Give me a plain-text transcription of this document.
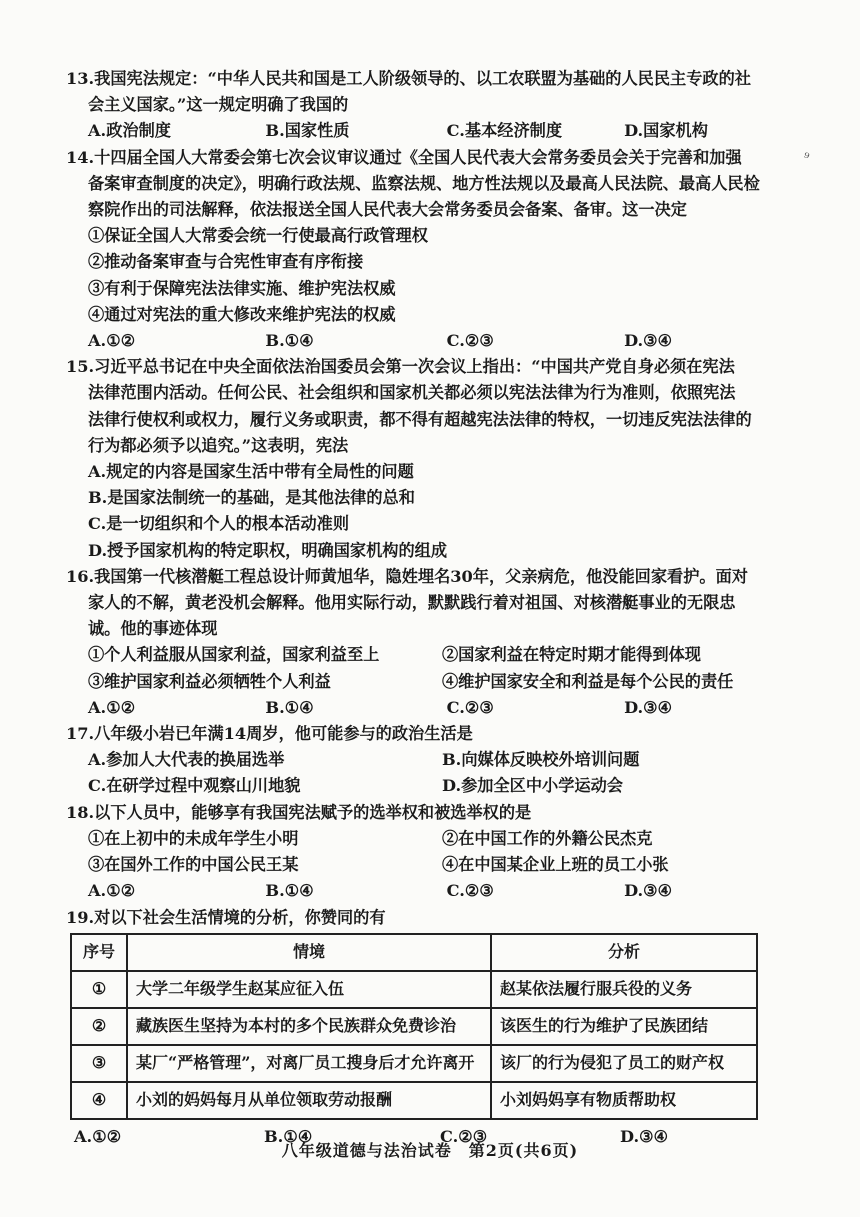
13.我国宪法规定：“中华人民共和国是工人阶级领导的、以工农联盟为基础的人民民主专政的社
会主义国家。”这一规定明确了我国的
A.政治制度	B.国家性质	C.基本经济制度	D.国家机构
14.十四届全国人大常委会第七次会议审议通过《全国人民代表大会常务委员会关于完善和加强
备案审查制度的决定》，明确行政法规、监察法规、地方性法规以及最高人民法院、最高人民检
察院作出的司法解释，依法报送全国人民代表大会常务委员会备案、备审。这一决定
①保证全国人大常委会统一行使最高行政管理权
②推动备案审查与合宪性审查有序衔接
③有利于保障宪法法律实施、维护宪法权威
④通过对宪法的重大修改来维护宪法的权威
A.①②	B.①④	C.②③	D.③④
15.习近平总书记在中央全面依法治国委员会第一次会议上指出：“中国共产党自身必须在宪法
法律范围内活动。任何公民、社会组织和国家机关都必须以宪法法律为行为准则，依照宪法
法律行使权利或权力，履行义务或职责，都不得有超越宪法法律的特权，一切违反宪法法律的
行为都必须予以追究。”这表明，宪法
A.规定的内容是国家生活中带有全局性的问题
B.是国家法制统一的基础，是其他法律的总和
C.是一切组织和个人的根本活动准则
D.授予国家机构的特定职权，明确国家机构的组成
16.我国第一代核潜艇工程总设计师黄旭华，隐姓埋名30年，父亲病危，他没能回家看护。面对
家人的不解，黄老没机会解释。他用实际行动，默默践行着对祖国、对核潜艇事业的无限忠
诚。他的事迹体现
①个人利益服从国家利益，国家利益至上	②国家利益在特定时期才能得到体现
③维护国家利益必须牺牲个人利益	④维护国家安全和利益是每个公民的责任
A.①②	B.①④	C.②③	D.③④
17.八年级小岩已年满14周岁，他可能参与的政治生活是
A.参加人大代表的换届选举	B.向媒体反映校外培训问题
C.在研学过程中观察山川地貌	D.参加全区中小学运动会
18.以下人员中，能够享有我国宪法赋予的选举权和被选举权的是
①在上初中的未成年学生小明	②在中国工作的外籍公民杰克
③在国外工作的中国公民王某	④在中国某企业上班的员工小张
A.①②	B.①④	C.②③	D.③④
19.对以下社会生活情境的分析，你赞同的有
序号	情境	分析
①	大学二年级学生赵某应征入伍	赵某依法履行服兵役的义务
②	藏族医生坚持为本村的多个民族群众免费诊治	该医生的行为维护了民族团结
③	某厂“严格管理”，对离厂员工搜身后才允许离开	该厂的行为侵犯了员工的财产权
④	小刘的妈妈每月从单位领取劳动报酬	小刘妈妈享有物质帮助权
A.①②	B.①④	C.②③	D.③④
⁹
八年级道德与法治试卷　第2页(共6页)
